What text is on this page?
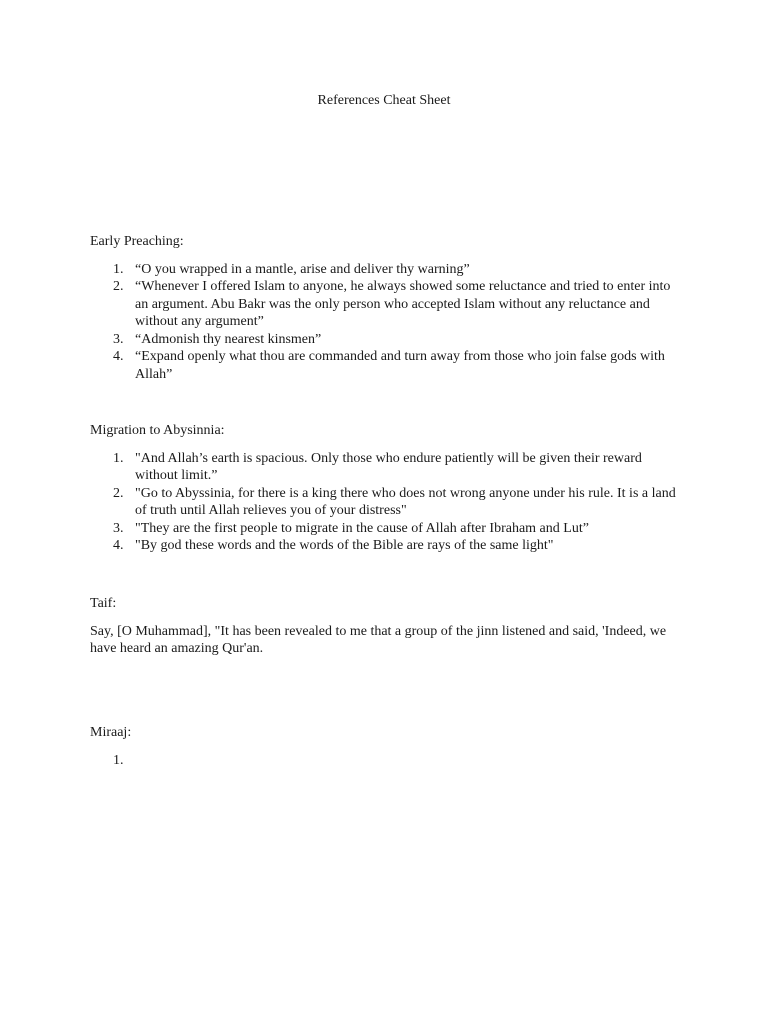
References Cheat Sheet

Early Preaching:

1. “O you wrapped in a mantle, arise and deliver thy warning”
2. “Whenever I offered Islam to anyone, he always showed some reluctance and tried to enter into an argument. Abu Bakr was the only person who accepted Islam without any reluctance and without any argument”
3. “Admonish thy nearest kinsmen”
4. “Expand openly what thou are commanded and turn away from those who join false gods with Allah”

Migration to Abysinnia:

1. "And Allah’s earth is spacious. Only those who endure patiently will be given their reward without limit.”
2. "Go to Abyssinia, for there is a king there who does not wrong anyone under his rule. It is a land of truth until Allah relieves you of your distress"
3. "They are the first people to migrate in the cause of Allah after Ibraham and Lut”
4. "By god these words and the words of the Bible are rays of the same light"

Taif:

Say, [O Muhammad], "It has been revealed to me that a group of the jinn listened and said, 'Indeed, we have heard an amazing Qur'an.

Miraaj:

1.
